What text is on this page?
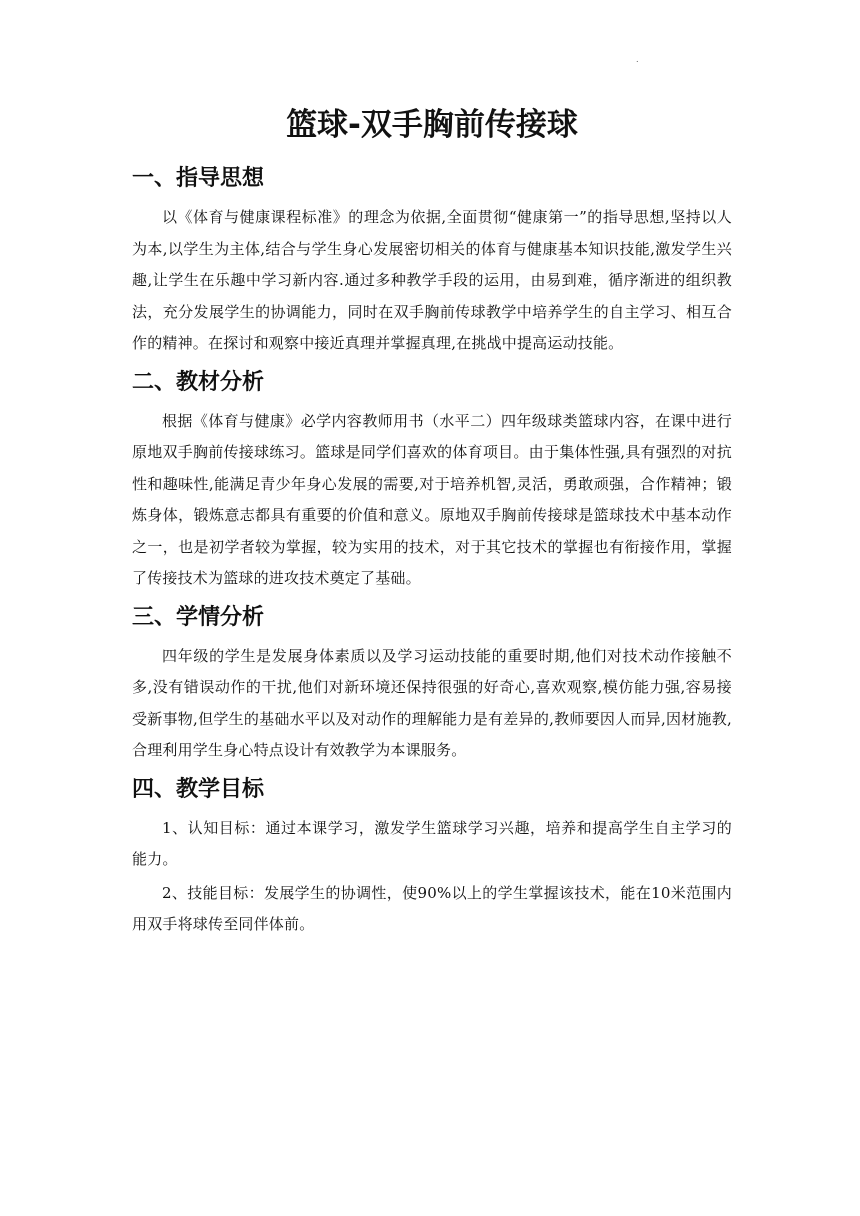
.
篮球-双手胸前传接球
一、指导思想

以《体育与健康课程标准》的理念为依据,全面贯彻“健康第一”的指导思想,坚持以人为本,以学生为主体,结合与学生身心发展密切相关的体育与健康基本知识技能,激发学生兴趣,让学生在乐趣中学习新内容.通过多种教学手段的运用，由易到难，循序渐进的组织教法，充分发展学生的协调能力，同时在双手胸前传球教学中培养学生的自主学习、相互合作的精神。在探讨和观察中接近真理并掌握真理,在挑战中提高运动技能。

二、教材分析

根据《体育与健康》必学内容教师用书（水平二）四年级球类篮球内容，在课中进行原地双手胸前传接球练习。篮球是同学们喜欢的体育项目。由于集体性强,具有强烈的对抗性和趣味性,能满足青少年身心发展的需要,对于培养机智,灵活，勇敢顽强，合作精神；锻炼身体，锻炼意志都具有重要的价值和意义。原地双手胸前传接球是篮球技术中基本动作之一，也是初学者较为掌握，较为实用的技术，对于其它技术的掌握也有衔接作用，掌握了传接技术为篮球的进攻技术奠定了基础。

三、学情分析

四年级的学生是发展身体素质以及学习运动技能的重要时期,他们对技术动作接触不多,没有错误动作的干扰,他们对新环境还保持很强的好奇心,喜欢观察,模仿能力强,容易接受新事物,但学生的基础水平以及对动作的理解能力是有差异的,教师要因人而异,因材施教,合理利用学生身心特点设计有效教学为本课服务。

四、教学目标

1、认知目标：通过本课学习，激发学生篮球学习兴趣，培养和提高学生自主学习的能力。

2、技能目标：发展学生的协调性，使90%以上的学生掌握该技术，能在10米范围内用双手将球传至同伴体前。
